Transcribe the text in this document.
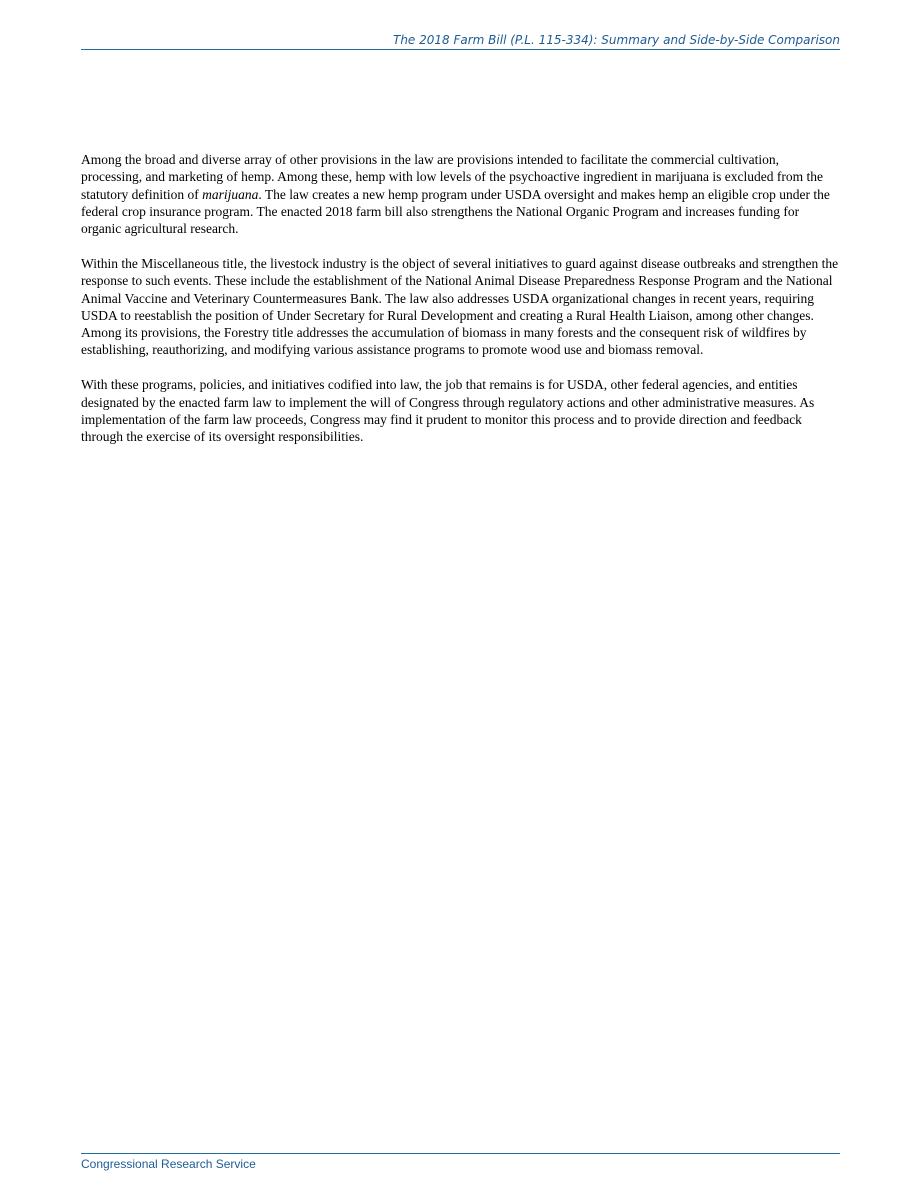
The 2018 Farm Bill (P.L. 115-334): Summary and Side-by-Side Comparison

Among the broad and diverse array of other provisions in the law are provisions intended to facilitate the commercial cultivation, processing, and marketing of hemp. Among these, hemp with low levels of the psychoactive ingredient in marijuana is excluded from the statutory definition of marijuana. The law creates a new hemp program under USDA oversight and makes hemp an eligible crop under the federal crop insurance program. The enacted 2018 farm bill also strengthens the National Organic Program and increases funding for organic agricultural research.

Within the Miscellaneous title, the livestock industry is the object of several initiatives to guard against disease outbreaks and strengthen the response to such events. These include the establishment of the National Animal Disease Preparedness Response Program and the National Animal Vaccine and Veterinary Countermeasures Bank. The law also addresses USDA organizational changes in recent years, requiring USDA to reestablish the position of Under Secretary for Rural Development and creating a Rural Health Liaison, among other changes. Among its provisions, the Forestry title addresses the accumulation of biomass in many forests and the consequent risk of wildfires by establishing, reauthorizing, and modifying various assistance programs to promote wood use and biomass removal.

With these programs, policies, and initiatives codified into law, the job that remains is for USDA, other federal agencies, and entities designated by the enacted farm law to implement the will of Congress through regulatory actions and other administrative measures. As implementation of the farm law proceeds, Congress may find it prudent to monitor this process and to provide direction and feedback through the exercise of its oversight responsibilities.

Congressional Research Service
